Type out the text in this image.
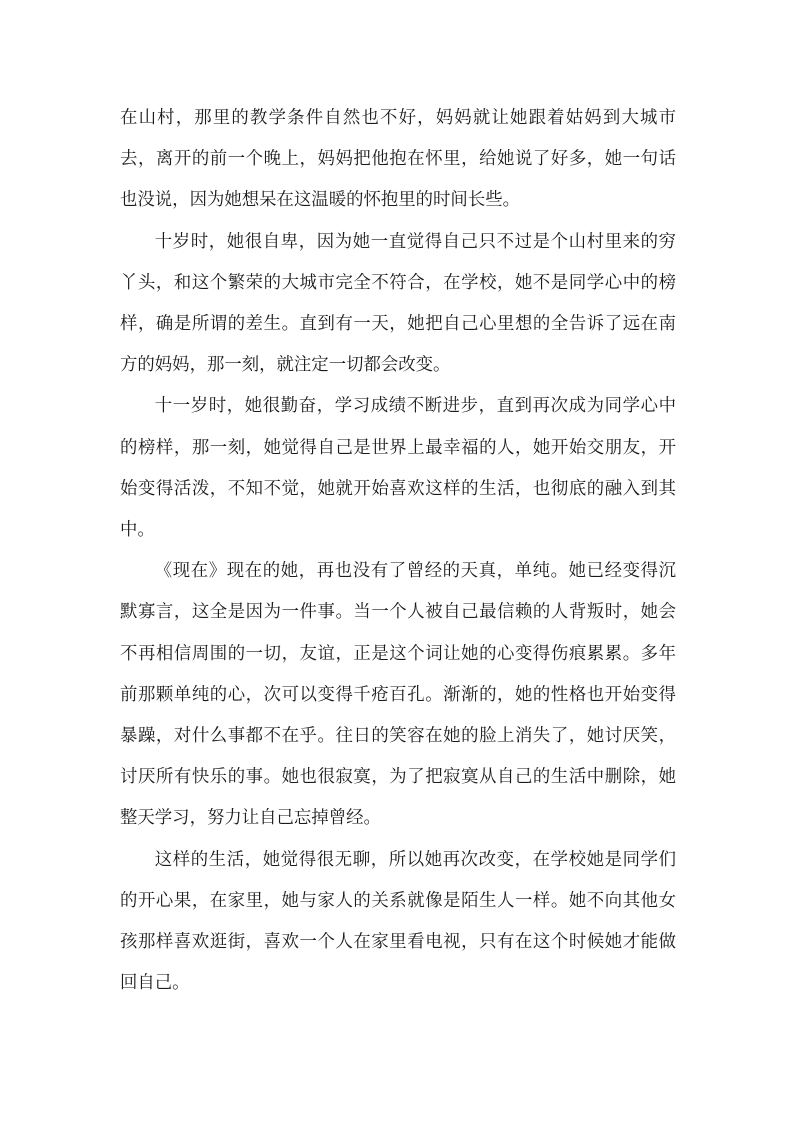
在山村，那里的教学条件自然也不好，妈妈就让她跟着姑妈到大城市去，离开的前一个晚上，妈妈把他抱在怀里，给她说了好多，她一句话也没说，因为她想呆在这温暖的怀抱里的时间长些。

十岁时，她很自卑，因为她一直觉得自己只不过是个山村里来的穷丫头，和这个繁荣的大城市完全不符合，在学校，她不是同学心中的榜样，确是所谓的差生。直到有一天，她把自己心里想的全告诉了远在南方的妈妈，那一刻，就注定一切都会改变。

十一岁时，她很勤奋，学习成绩不断进步，直到再次成为同学心中的榜样，那一刻，她觉得自己是世界上最幸福的人，她开始交朋友，开始变得活泼，不知不觉，她就开始喜欢这样的生活，也彻底的融入到其中。

《现在》现在的她，再也没有了曾经的天真，单纯。她已经变得沉默寡言，这全是因为一件事。当一个人被自己最信赖的人背叛时，她会不再相信周围的一切，友谊，正是这个词让她的心变得伤痕累累。多年前那颗单纯的心，次可以变得千疮百孔。渐渐的，她的性格也开始变得暴躁，对什么事都不在乎。往日的笑容在她的脸上消失了，她讨厌笑，讨厌所有快乐的事。她也很寂寞，为了把寂寞从自己的生活中删除，她整天学习，努力让自己忘掉曾经。

这样的生活，她觉得很无聊，所以她再次改变，在学校她是同学们的开心果，在家里，她与家人的关系就像是陌生人一样。她不向其他女孩那样喜欢逛街，喜欢一个人在家里看电视，只有在这个时候她才能做回自己。
